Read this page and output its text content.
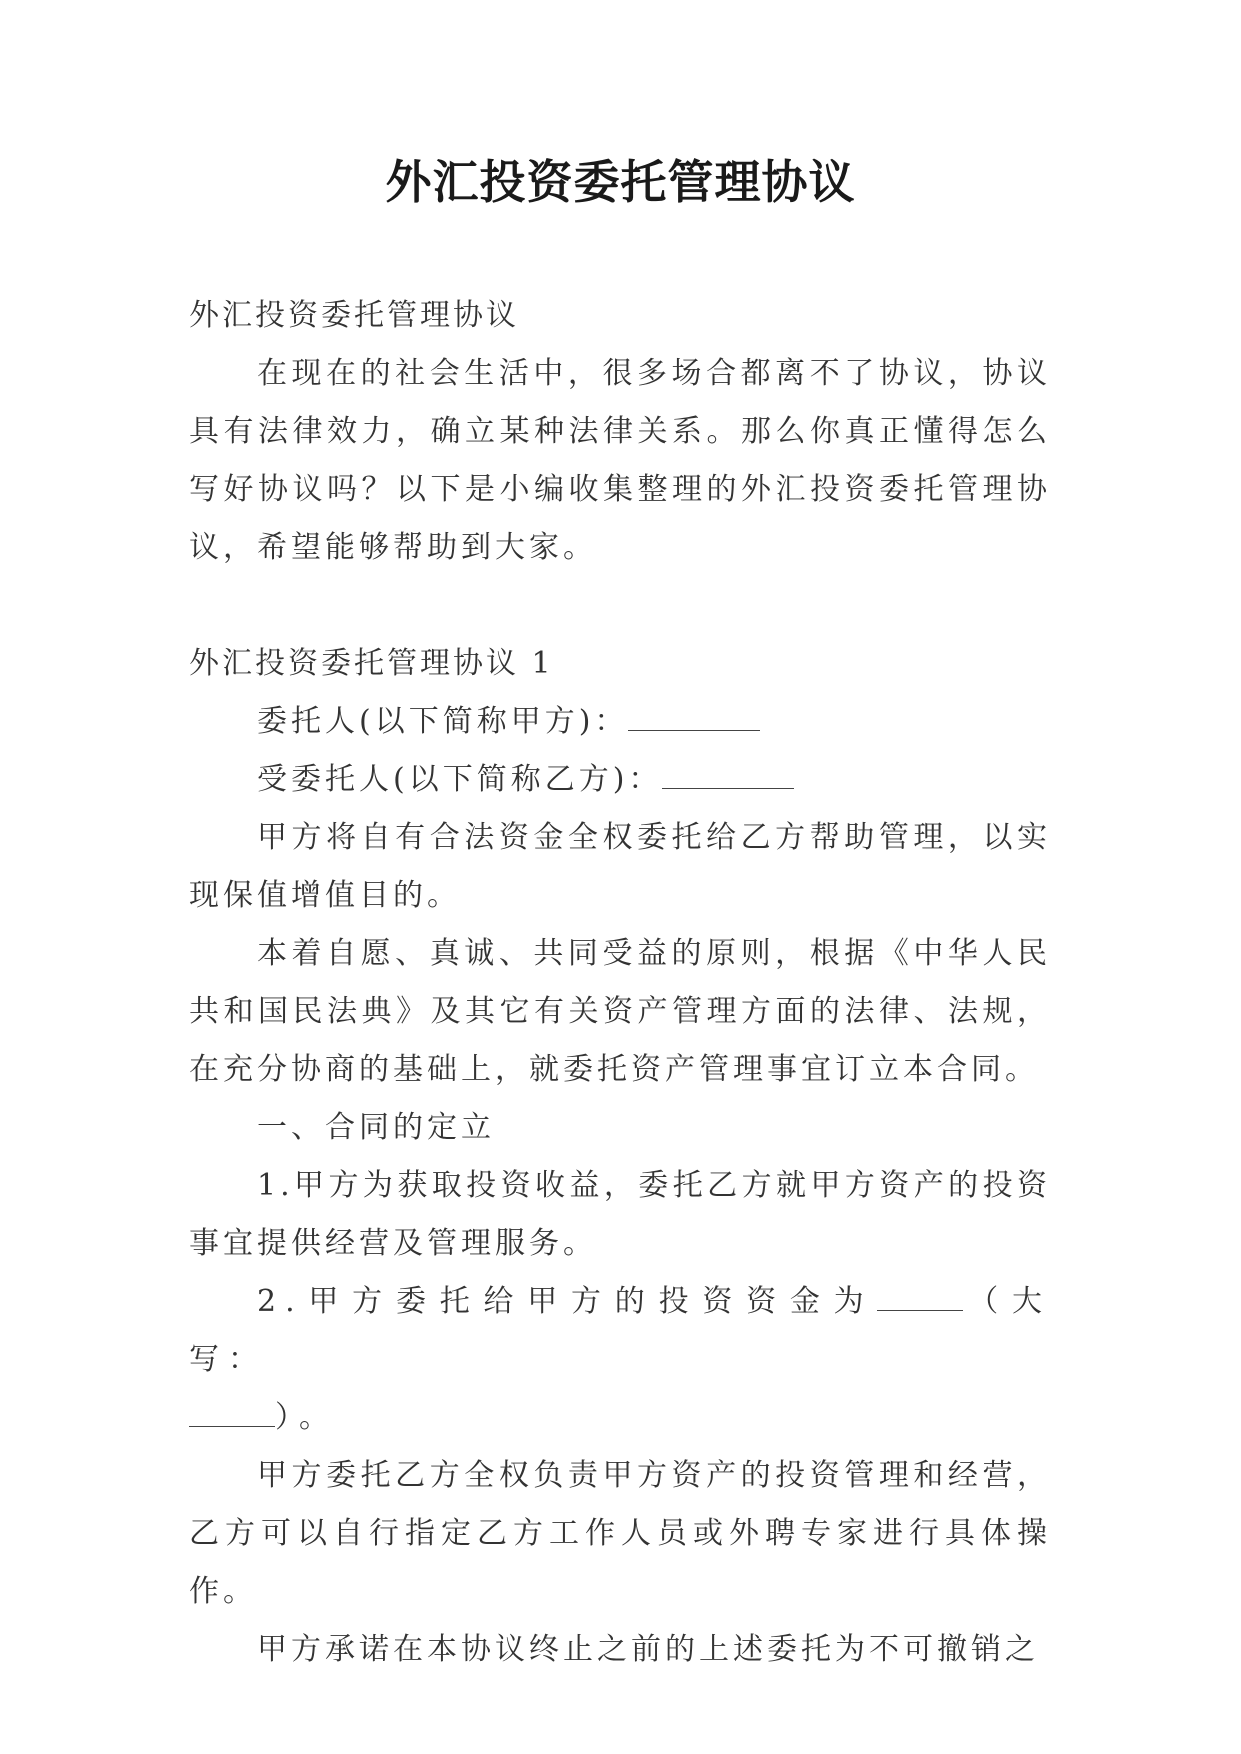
外汇投资委托管理协议

外汇投资委托管理协议

在现在的社会生活中，很多场合都离不了协议，协议具有法律效力，确立某种法律关系。那么你真正懂得怎么写好协议吗？以下是小编收集整理的外汇投资委托管理协议，希望能够帮助到大家。

外汇投资委托管理协议 1

委托人(以下简称甲方)：

受委托人(以下简称乙方)：

甲方将自有合法资金全权委托给乙方帮助管理，以实现保值增值目的。

本着自愿、真诚、共同受益的原则，根据《中华人民共和国民法典》及其它有关资产管理方面的法律、法规，在充分协商的基础上，就委托资产管理事宜订立本合同。

一、合同的定立

1.甲方为获取投资收益，委托乙方就甲方资产的投资事宜提供经营及管理服务。

2.甲方委托给甲方的投资资金为	（大写：
）。

甲方委托乙方全权负责甲方资产的投资管理和经营，乙方可以自行指定乙方工作人员或外聘专家进行具体操作。

甲方承诺在本协议终止之前的上述委托为不可撤销之
